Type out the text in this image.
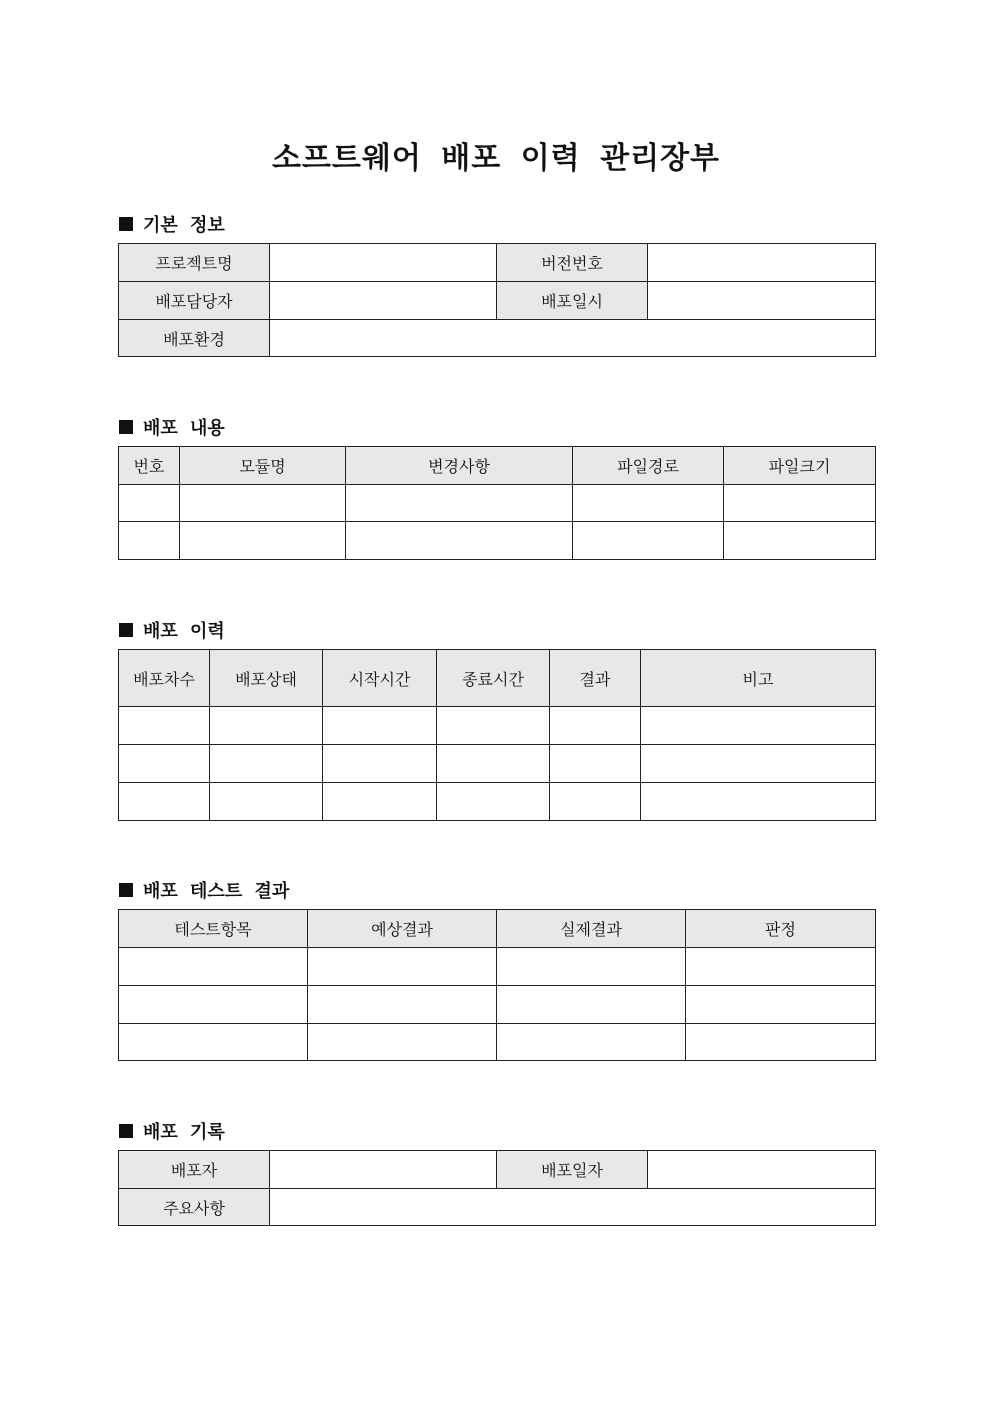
소프트웨어 배포 이력 관리장부
기본 정보
프로젝트명		버전번호	
배포담당자		배포일시	
배포환경			
배포 내용
번호	모듈명	변경사항	파일경로	파일크기

배포 이력
배포차수	배포상태	시작시간	종료시간	결과	비고

배포 테스트 결과
테스트항목	예상결과	실제결과	판정

배포 기록
배포자		배포일자	
주요사항			
